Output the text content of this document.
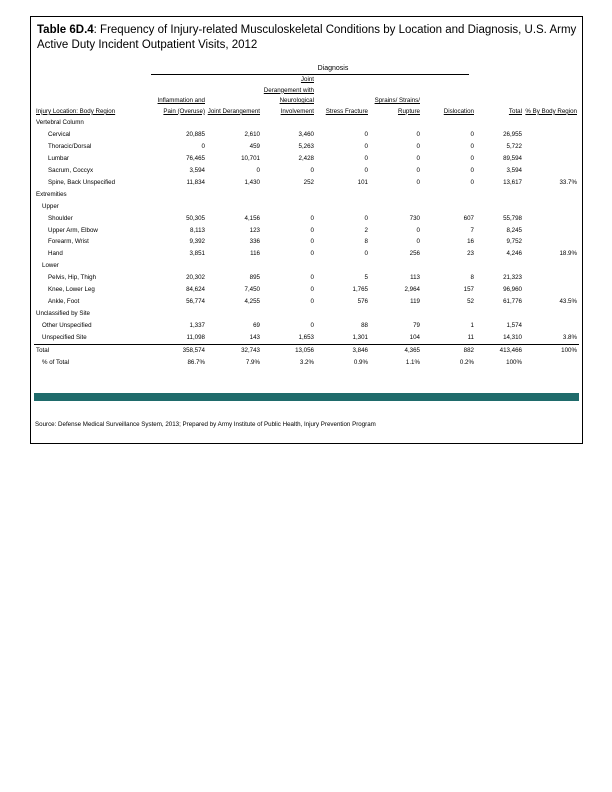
Table 6D.4: Frequency of Injury-related Musculoskeletal Conditions by Location and Diagnosis, U.S. Army Active Duty Incident Outpatient Visits, 2012
Diagnosis
Injury Location: Body Region	Inflammation and Pain (Overuse)	Joint Derangement	Joint Derangement with Neurological Involvement	Stress Fracture	Sprains/ Strains/ Rupture	Dislocation	Total	% By Body Region
Vertebral Column								
Cervical	20,885	2,610	3,460	0	0	0	26,955	
Thoracic/Dorsal	0	459	5,263	0	0	0	5,722	
Lumbar	76,465	10,701	2,428	0	0	0	89,594	
Sacrum, Coccyx	3,594	0	0	0	0	0	3,594	
Spine, Back Unspecified	11,834	1,430	252	101	0	0	13,617	33.7%
Extremities								
Upper								
Shoulder	50,305	4,156	0	0	730	607	55,798	
Upper Arm, Elbow	8,113	123	0	2	0	7	8,245	
Forearm, Wrist	9,392	336	0	8	0	16	9,752	
Hand	3,851	116	0	0	256	23	4,246	18.9%
Lower								
Pelvis, Hip, Thigh	20,302	895	0	5	113	8	21,323	
Knee, Lower Leg	84,624	7,450	0	1,765	2,964	157	96,960	
Ankle, Foot	56,774	4,255	0	576	119	52	61,776	43.5%
Unclassified by Site								
Other Unspecified	1,337	69	0	88	79	1	1,574	
Unspecified Site	11,098	143	1,653	1,301	104	11	14,310	3.8%
Total	358,574	32,743	13,056	3,846	4,365	882	413,466	100%
% of Total	86.7%	7.9%	3.2%	0.9%	1.1%	0.2%	100%	
Source: Defense Medical Surveillance System, 2013; Prepared by Army Institute of Public Health, Injury Prevention Program
